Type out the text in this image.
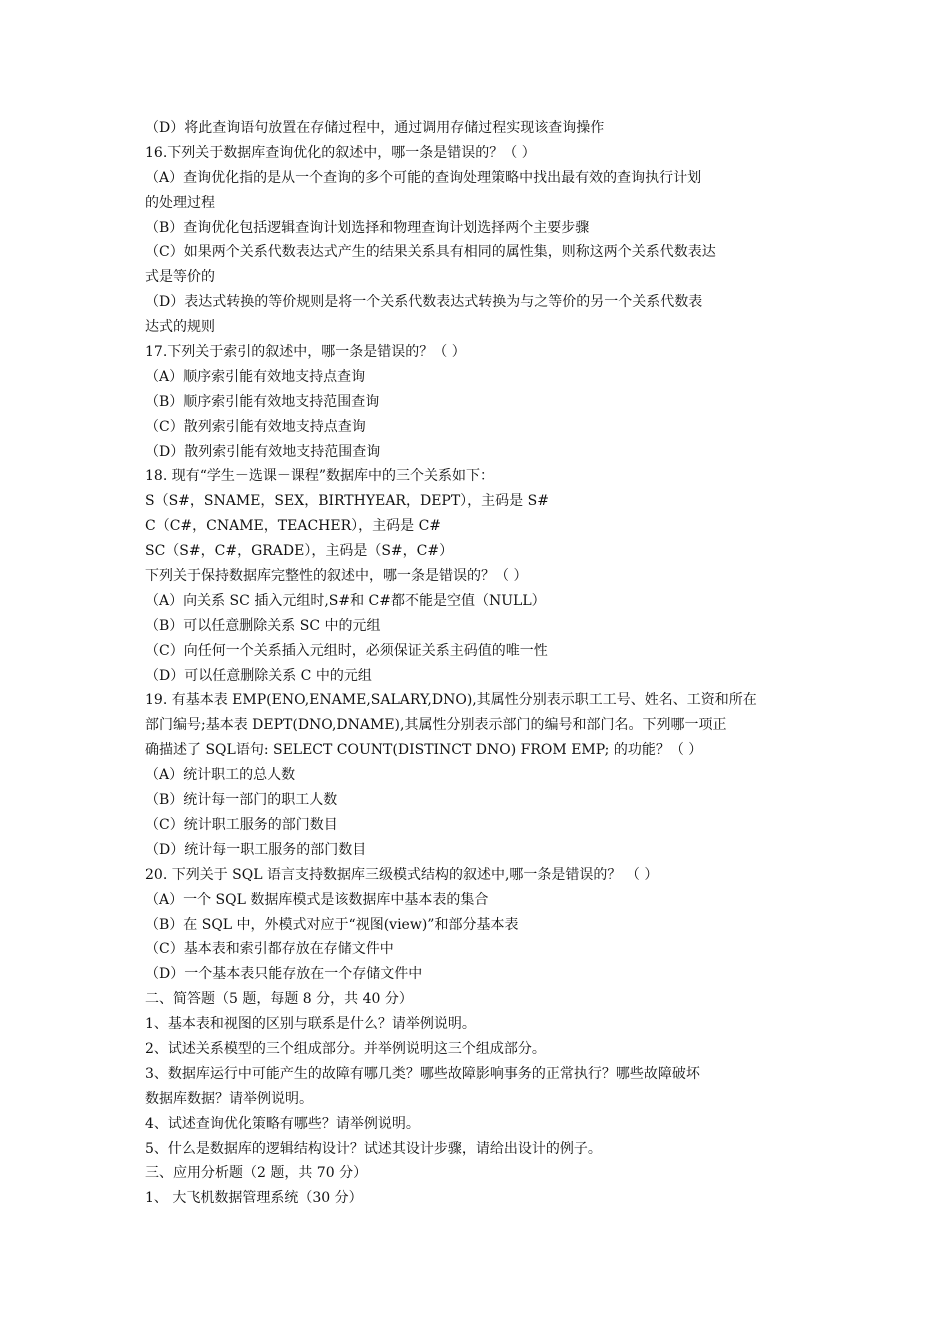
（D）将此查询语句放置在存储过程中，通过调用存储过程实现该查询操作
16.下列关于数据库查询优化的叙述中，哪一条是错误的？（ ）
（A）查询优化指的是从一个查询的多个可能的查询处理策略中找出最有效的查询执行计划
的处理过程
（B）查询优化包括逻辑查询计划选择和物理查询计划选择两个主要步骤
（C）如果两个关系代数表达式产生的结果关系具有相同的属性集，则称这两个关系代数表达
式是等价的
（D）表达式转换的等价规则是将一个关系代数表达式转换为与之等价的另一个关系代数表
达式的规则
17.下列关于索引的叙述中，哪一条是错误的？（ ）
（A）顺序索引能有效地支持点查询
（B）顺序索引能有效地支持范围查询
（C）散列索引能有效地支持点查询
（D）散列索引能有效地支持范围查询
18. 现有“学生－选课－课程”数据库中的三个关系如下：
S（S#，SNAME，SEX，BIRTHYEAR，DEPT），主码是 S#
C（C#，CNAME，TEACHER），主码是 C#
SC（S#，C#，GRADE），主码是（S#，C#）
下列关于保持数据库完整性的叙述中，哪一条是错误的？（ ）
（A）向关系 SC 插入元组时,S#和 C#都不能是空值（NULL）
（B）可以任意删除关系 SC 中的元组
（C）向任何一个关系插入元组时，必须保证关系主码值的唯一性
（D）可以任意删除关系 C 中的元组
19. 有基本表 EMP(ENO,ENAME,SALARY,DNO),其属性分别表示职工工号、姓名、工资和所在
部门编号;基本表 DEPT(DNO,DNAME),其属性分别表示部门的编号和部门名。下列哪一项正
确描述了 SQL语句: SELECT COUNT(DISTINCT DNO) FROM EMP; 的功能？（ ）
（A）统计职工的总人数
（B）统计每一部门的职工人数
（C）统计职工服务的部门数目
（D）统计每一职工服务的部门数目
20. 下列关于 SQL 语言支持数据库三级模式结构的叙述中,哪一条是错误的？ （ ）
（A）一个 SQL 数据库模式是该数据库中基本表的集合
（B）在 SQL 中，外模式对应于“视图(view)”和部分基本表
（C）基本表和索引都存放在存储文件中
（D）一个基本表只能存放在一个存储文件中
二、简答题（5 题，每题 8 分，共 40 分）
1、基本表和视图的区别与联系是什么？请举例说明。
2、试述关系模型的三个组成部分。并举例说明这三个组成部分。
3、数据库运行中可能产生的故障有哪几类？哪些故障影响事务的正常执行？哪些故障破坏
数据库数据？请举例说明。
4、试述查询优化策略有哪些？请举例说明。
5、什么是数据库的逻辑结构设计？试述其设计步骤，请给出设计的例子。
三、应用分析题（2 题，共 70 分）
1、 大飞机数据管理系统（30 分）
